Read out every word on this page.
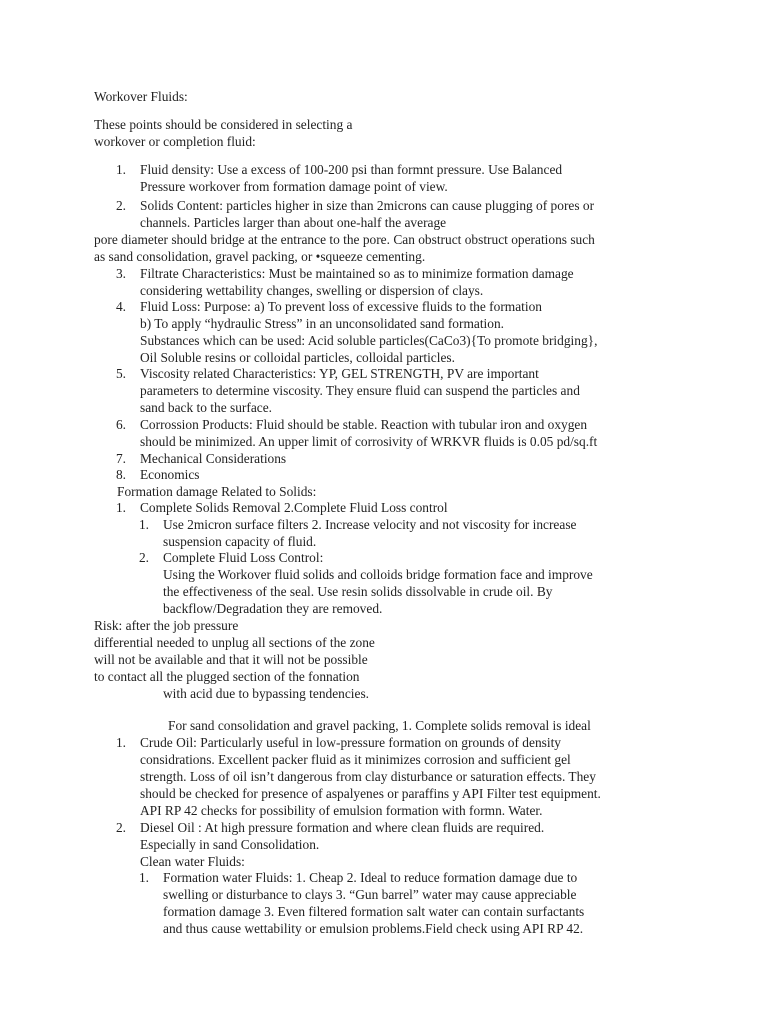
Workover Fluids:
These points should be considered in selecting a
workover or completion fluid:
1. Fluid density: Use a excess of 100-200 psi than formnt pressure. Use Balanced
Pressure workover from formation damage point of view.
2. Solids Content: particles higher in size than 2microns can cause plugging of pores or
channels. Particles larger than about one-half the average
pore diameter should bridge at the entrance to the pore. Can obstruct obstruct operations such
as sand consolidation, gravel packing, or •squeeze cementing.
3. Filtrate Characteristics: Must be maintained so as to minimize formation damage
considering wettability changes, swelling or dispersion of clays.
4. Fluid Loss: Purpose: a) To prevent loss of excessive fluids to the formation
b) To apply “hydraulic Stress” in an unconsolidated sand formation.
Substances which can be used: Acid soluble particles(CaCo3){To promote bridging},
Oil Soluble resins or colloidal particles, colloidal particles.
5. Viscosity related Characteristics: YP, GEL STRENGTH, PV are important
parameters to determine viscosity. They ensure fluid can suspend the particles and
sand back to the surface.
6. Corrossion Products: Fluid should be stable. Reaction with tubular iron and oxygen
should be minimized. An upper limit of corrosivity of WRKVR fluids is 0.05 pd/sq.ft
7. Mechanical Considerations
8. Economics
Formation damage Related to Solids:
1. Complete Solids Removal 2.Complete Fluid Loss control
1. Use 2micron surface filters 2. Increase velocity and not viscosity for increase
suspension capacity of fluid.
2. Complete Fluid Loss Control:
Using the Workover fluid solids and colloids bridge formation face and improve
the effectiveness of the seal. Use resin solids dissolvable in crude oil. By
backflow/Degradation they are removed.
Risk: after the job pressure
differential needed to unplug all sections of the zone
will not be available and that it will not be possible
to contact all the plugged section of the fonnation
with acid due to bypassing tendencies.
For sand consolidation and gravel packing, 1. Complete solids removal is ideal
1. Crude Oil: Particularly useful in low-pressure formation on grounds of density
considrations. Excellent packer fluid as it minimizes corrosion and sufficient gel
strength. Loss of oil isn’t dangerous from clay disturbance or saturation effects. They
should be checked for presence of aspalyenes or paraffins y API Filter test equipment.
API RP 42 checks for possibility of emulsion formation with formn. Water.
2. Diesel Oil : At high pressure formation and where clean fluids are required.
Especially in sand Consolidation.
Clean water Fluids:
1. Formation water Fluids: 1. Cheap 2. Ideal to reduce formation damage due to
swelling or disturbance to clays 3. “Gun barrel” water may cause appreciable
formation damage 3. Even filtered formation salt water can contain surfactants
and thus cause wettability or emulsion problems.Field check using API RP 42.
